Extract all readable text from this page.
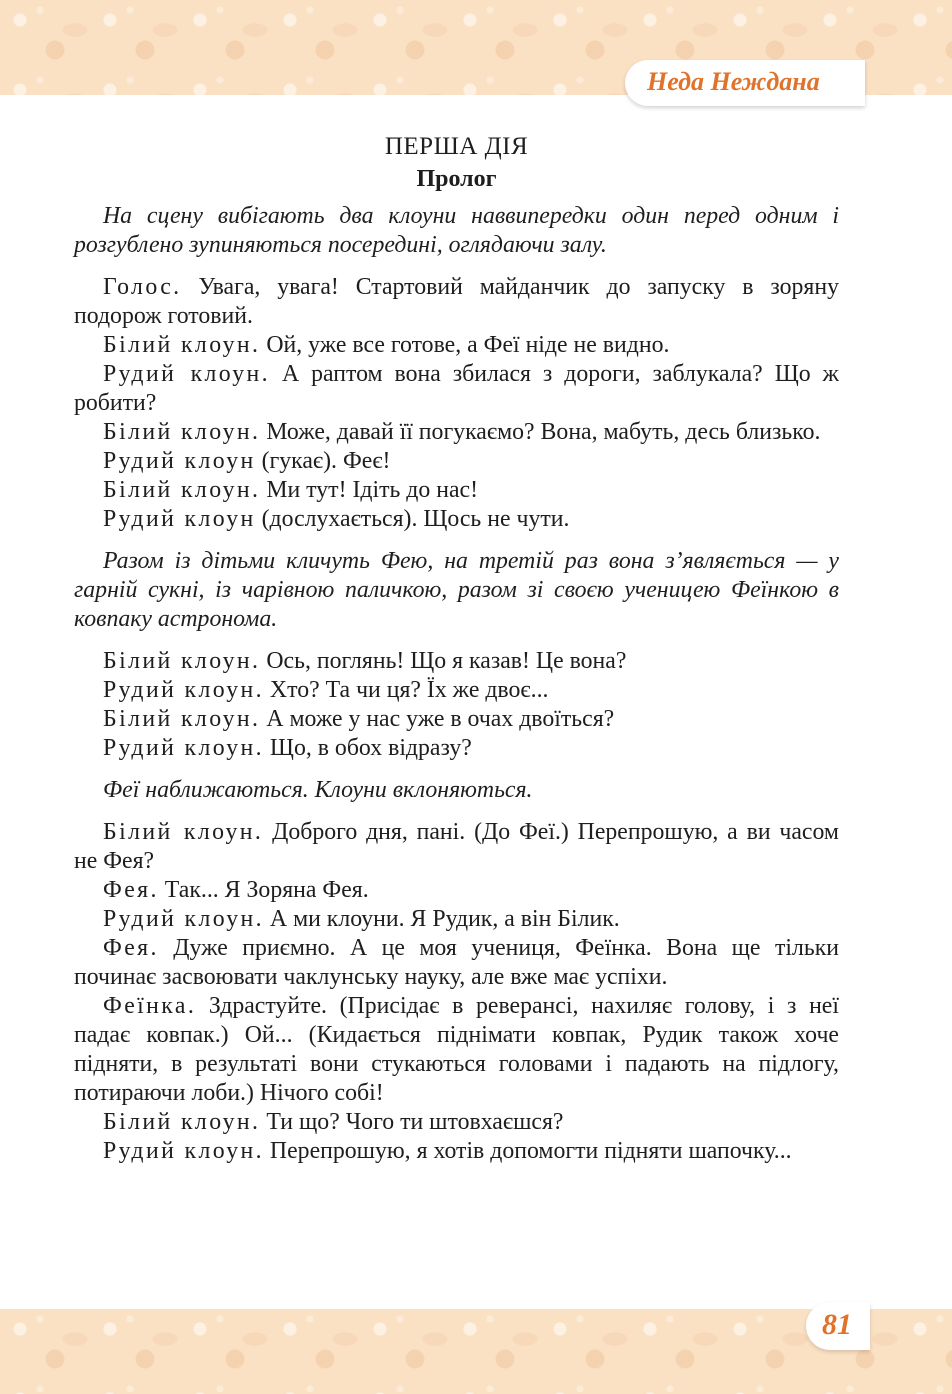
Неда Неждана
ПЕРША ДІЯ
Пролог

На сцену вибігають два клоуни наввипередки один перед одним і розгублено зупиняються посередині, оглядаючи залу.

Голос. Увага, увага! Стартовий майданчик до запуску в зоряну подорож готовий.

Білий клоун. Ой, уже все готове, а Феї ніде не видно.

Рудий клоун. А раптом вона збилася з дороги, заблукала? Що ж робити?

Білий клоун. Може, давай її погукаємо? Вона, мабуть, десь близько.

Рудий клоун (гукає). Феє!

Білий клоун. Ми тут! Ідіть до нас!

Рудий клоун (дослухається). Щось не чути.

Разом із дітьми кличуть Фею, на третій раз вона з’являється — у гарній сукні, із чарівною паличкою, разом зі своєю ученицею Феїнкою в ковпаку астронома.

Білий клоун. Ось, поглянь! Що я казав! Це вона?

Рудий клоун. Хто? Та чи ця? Їх же двоє...

Білий клоун. А може у нас уже в очах двоїться?

Рудий клоун. Що, в обох відразу?

Феї наближаються. Клоуни вклоняються.

Білий клоун. Доброго дня, пані. (До Феї.) Перепрошую, а ви часом не Фея?

Фея. Так... Я Зоряна Фея.

Рудий клоун. А ми клоуни. Я Рудик, а він Білик.

Фея. Дуже приємно. А це моя учениця, Феїнка. Вона ще тільки починає засвоювати чаклунську науку, але вже має успіхи.

Феїнка. Здрастуйте. (Присідає в реверансі, нахиляє голову, і з неї падає ковпак.) Ой... (Кидається піднімати ковпак, Рудик також хоче підняти, в результаті вони стукаються головами і падають на підлогу, потираючи лоби.) Нічого собі!

Білий клоун. Ти що? Чого ти штовхаєшся?

Рудий клоун. Перепрошую, я хотів допомогти підняти шапочку...

81
